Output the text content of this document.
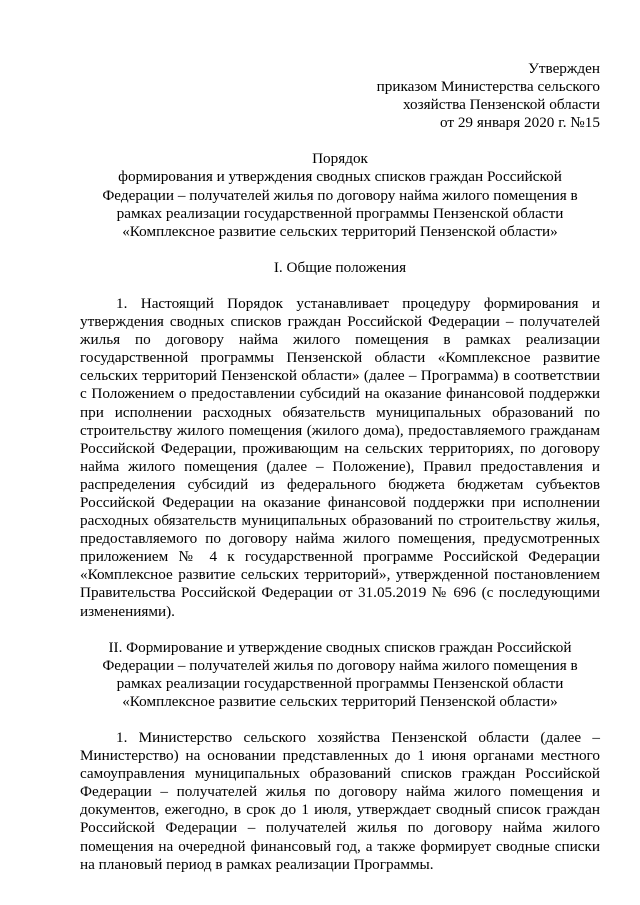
Утвержден
приказом Министерства сельского
хозяйства Пензенской области
от 29 января 2020 г. №15
Порядок
формирования и утверждения сводных списков граждан Российской
Федерации – получателей жилья по договору найма жилого помещения в
рамках реализации государственной программы Пензенской области
«Комплексное развитие сельских территорий Пензенской области»
I. Общие положения

1. Настоящий Порядок устанавливает процедуру формирования и утверждения сводных списков граждан Российской Федерации – получателей жилья по договору найма жилого помещения в рамках реализации государственной программы Пензенской области «Комплексное развитие сельских территорий Пензенской области» (далее – Программа) в соответствии с Положением о предоставлении субсидий на оказание финансовой поддержки при исполнении расходных обязательств муниципальных образований по строительству жилого помещения (жилого дома), предоставляемого гражданам Российской Федерации, проживающим на сельских территориях, по договору найма жилого помещения (далее – Положение), Правил предоставления и распределения субсидий из федерального бюджета бюджетам субъектов Российской Федерации на оказание финансовой поддержки при исполнении расходных обязательств муниципальных образований по строительству жилья, предоставляемого по договору найма жилого помещения, предусмотренных приложением № 4 к государственной программе Российской Федерации «Комплексное развитие сельских территорий», утвержденной постановлением Правительства Российской Федерации от 31.05.2019 № 696 (с последующими изменениями).

II. Формирование и утверждение сводных списков граждан Российской
Федерации – получателей жилья по договору найма жилого помещения в
рамках реализации государственной программы Пензенской области
«Комплексное развитие сельских территорий Пензенской области»

1. Министерство сельского хозяйства Пензенской области (далее – Министерство) на основании представленных до 1 июня органами местного самоуправления муниципальных образований списков граждан Российской Федерации – получателей жилья по договору найма жилого помещения и документов, ежегодно, в срок до 1 июля, утверждает сводный список граждан Российской Федерации – получателей жилья по договору найма жилого помещения на очередной финансовый год, а также формирует сводные списки на плановый период в рамках реализации Программы.
